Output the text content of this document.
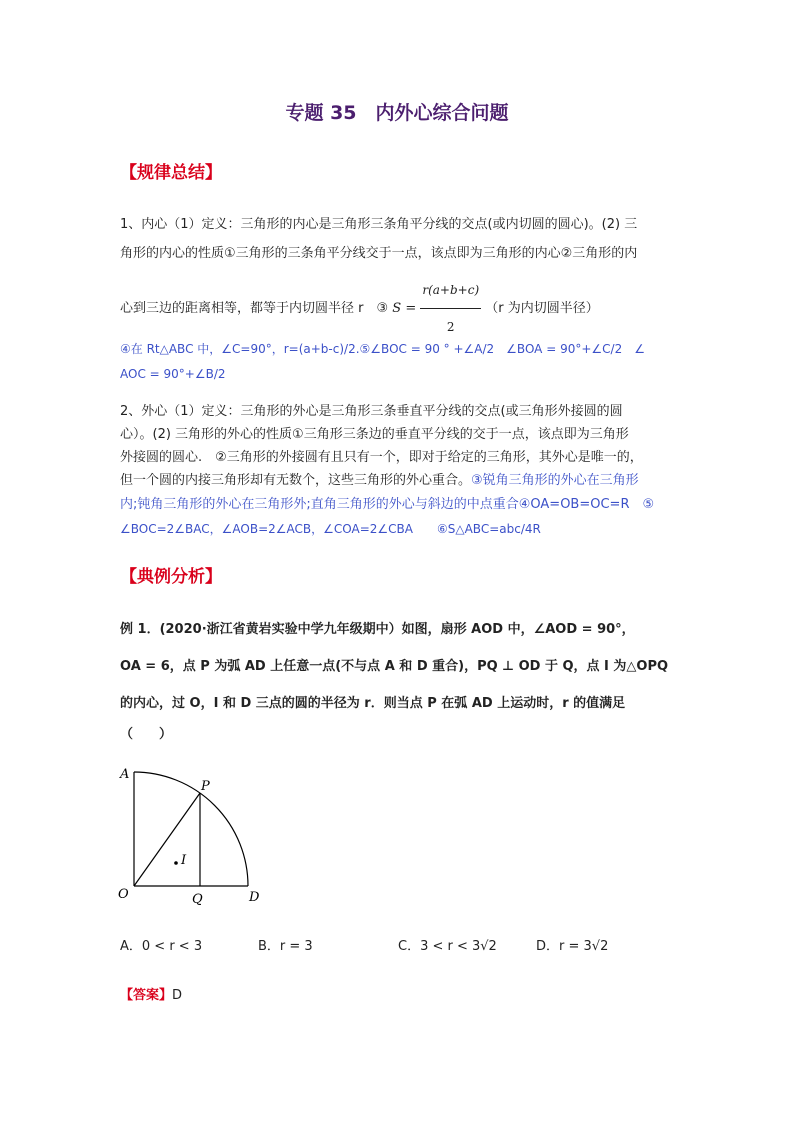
专题 35　内外心综合问题
【规律总结】
1、内心（1）定义：三角形的内心是三角形三条角平分线的交点(或内切圆的圆心)。(2) 三
角形的内心的性质①三角形的三条角平分线交于一点，该点即为三角形的内心②三角形的内
心到三边的距离相等，都等于内切圆半径 r　③ $S = \frac{r(a+b+c)}{2} (r$ 为内切圆半径）
④在 Rt△ABC 中，∠C=90°，r=(a+b-c)/2.⑤∠BOC = 90 ° +∠A/2　∠BOA = 90°+∠C/2　∠
AOC = 90°+∠B/2
2、外心（1）定义：三角形的外心是三角形三条垂直平分线的交点(或三角形外接圆的圆
心）。(2) 三角形的外心的性质①三角形三条边的垂直平分线的交于一点，该点即为三角形
外接圆的圆心.　②三角形的外接圆有且只有一个，即对于给定的三角形，其外心是唯一的，
但一个圆的内接三角形却有无数个，这些三角形的外心重合。③锐角三角形的外心在三角形
内;钝角三角形的外心在三角形外;直角三角形的外心与斜边的中点重合④OA=OB=OC=R　⑤
∠BOC=2∠BAC，∠AOB=2∠ACB，∠COA=2∠CBA　　⑥S△ABC=abc/4R
【典例分析】
例 1．(2020·浙江省黄岩实验中学九年级期中）如图，扇形 AOD 中，∠AOD = 90°，
OA = 6，点 P 为弧 AD 上任意一点(不与点 A 和 D 重合)，PQ ⊥ OD 于 Q，点 I 为△OPQ
的内心，过 O，I 和 D 三点的圆的半径为 r．则当点 P 在弧 AD 上运动时，r 的值满足
（　　）
A
P
I
O	Q	D
A．0 < r < 3	B．r = 3	C．3 < r < 3√2	D．r = 3√2
【答案】D
